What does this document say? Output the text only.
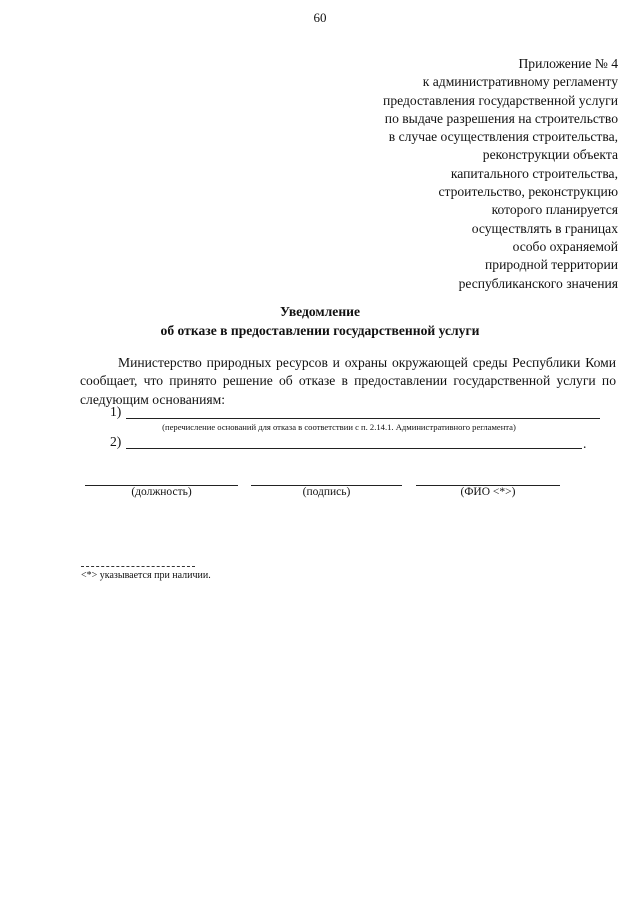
60
Приложение № 4
к административному регламенту
предоставления государственной услуги
по выдаче разрешения на строительство
в случае осуществления строительства,
реконструкции объекта
капитального строительства,
строительство, реконструкцию
которого планируется
осуществлять в границах
особо охраняемой
природной территории
республиканского значения
Уведомление
об отказе в предоставлении государственной услуги
Министерство природных ресурсов и охраны окружающей среды Республики Коми сообщает, что принято решение об отказе в предоставлении государственной услуги по следующим основаниям:
1)
(перечисление оснований для отказа в соответствии с п. 2.14.1. Административного регламента)
2)	.
(должность)	(подпись)	(ФИО <*>)
<*> указывается при наличии.
